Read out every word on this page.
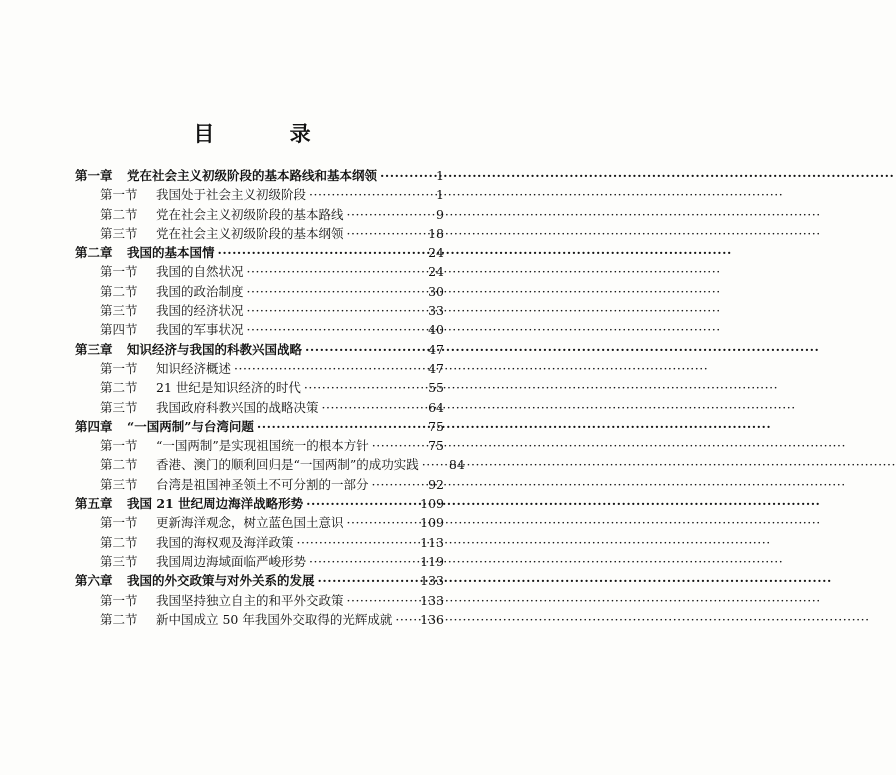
目 录
第一章	党在社会主义初级阶段的基本路线和基本纲领 ·····	1
第一节	我国处于社会主义初级阶段 ·····	1
第二节	党在社会主义初级阶段的基本路线 ·····	9
第三节	党在社会主义初级阶段的基本纲领 ·····	18
第二章	我国的基本国情 ·····	24
第一节	我国的自然状况 ·····	24
第二节	我国的政治制度 ·····	30
第三节	我国的经济状况 ·····	33
第四节	我国的军事状况 ·····	40
第三章	知识经济与我国的科教兴国战略 ·····	47
第一节	知识经济概述 ·····	47
第二节	21 世纪是知识经济的时代 ·····	55
第三节	我国政府科教兴国的战略决策 ·····	64
第四章	“一国两制”与台湾问题 ·····	75
第一节	“一国两制”是实现祖国统一的根本方针 ·····	75
第二节	香港、澳门的顺利回归是“一国两制”的成功实践 ·····	84
第三节	台湾是祖国神圣领土不可分割的一部分 ·····	92
第五章	我国 21 世纪周边海洋战略形势 ·····	109
第一节	更新海洋观念，树立蓝色国土意识 ·····	109
第二节	我国的海权观及海洋政策 ·····	113
第三节	我国周边海域面临严峻形势 ·····	119
第六章	我国的外交政策与对外关系的发展 ·····	133
第一节	我国坚持独立自主的和平外交政策 ·····	133
第二节	新中国成立 50 年我国外交取得的光辉成就 ·····	136
